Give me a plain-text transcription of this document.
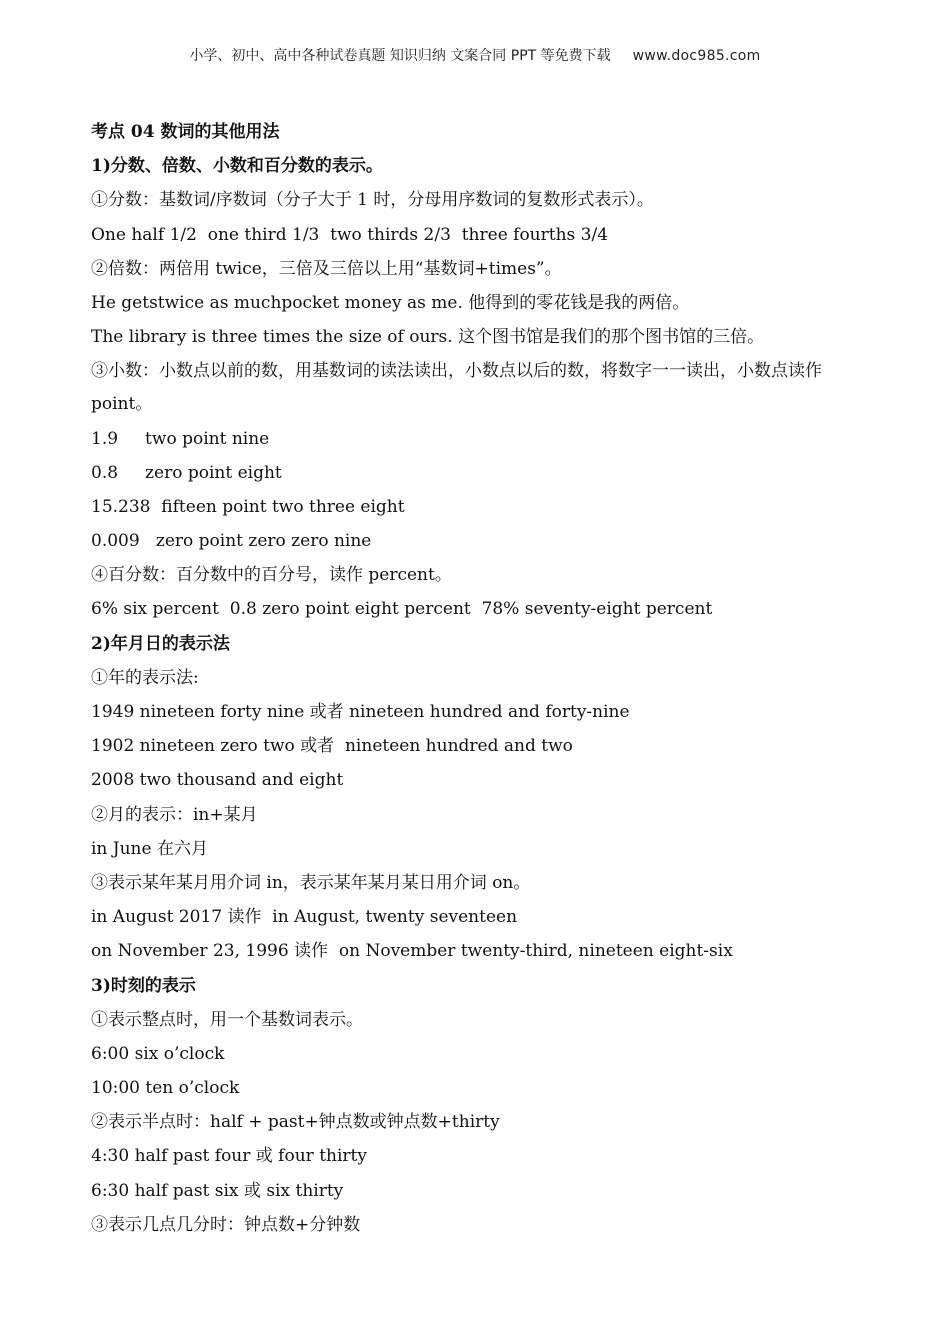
小学、初中、高中各种试卷真题 知识归纳 文案合同 PPT 等免费下载 www.doc985.com
考点 04 数词的其他用法
1)分数、倍数、小数和百分数的表示。
①分数：基数词/序数词（分子大于 1 时，分母用序数词的复数形式表示）。
One half 1/2  one third 1/3  two thirds 2/3  three fourths 3/4
②倍数：两倍用 twice，三倍及三倍以上用“基数词+times”。
He getstwice as muchpocket money as me. 他得到的零花钱是我的两倍。
The library is three times the size of ours. 这个图书馆是我们的那个图书馆的三倍。
③小数：小数点以前的数，用基数词的读法读出，小数点以后的数，将数字一一读出，小数点读作 point。
1.9     two point nine
0.8     zero point eight
15.238  fifteen point two three eight
0.009   zero point zero zero nine
④百分数：百分数中的百分号，读作 percent。
6% six percent  0.8 zero point eight percent  78% seventy-eight percent
2)年月日的表示法
①年的表示法:
1949 nineteen forty nine 或者 nineteen hundred and forty-nine
1902 nineteen zero two 或者  nineteen hundred and two
2008 two thousand and eight
②月的表示：in+某月
in June 在六月
③表示某年某月用介词 in，表示某年某月某日用介词 on。
in August 2017 读作  in August, twenty seventeen
on November 23, 1996 读作  on November twenty-third, nineteen eight-six
3)时刻的表示
①表示整点时，用一个基数词表示。
6:00 six o’clock
10:00 ten o’clock
②表示半点时：half + past+钟点数或钟点数+thirty
4:30 half past four 或 four thirty
6:30 half past six 或 six thirty
③表示几点几分时：钟点数+分钟数
